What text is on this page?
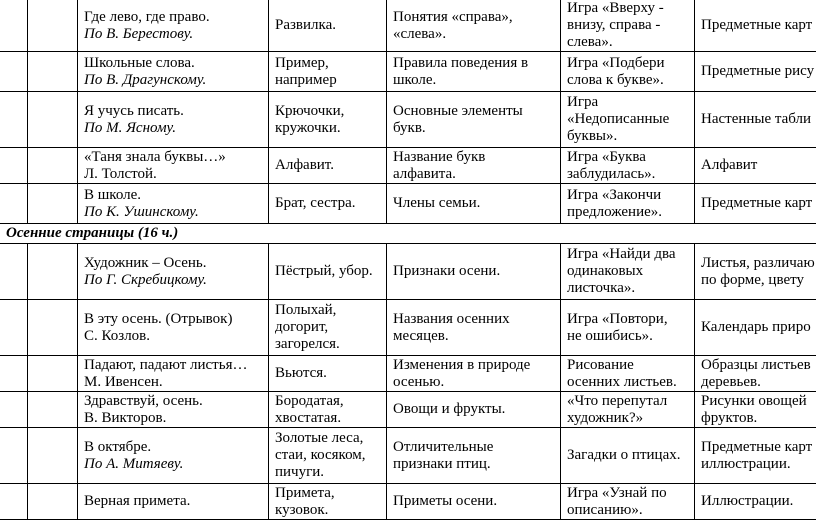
		Где лево, где право.
По В. Берестову.	Развилка.	Понятия «справа»,
«слева».	Игра «Вверху -
внизу, справа -
слева».	Предметные карт

		Школьные слова.
По В. Драгунскому.	Пример,
например	Правила поведения в
школе.	Игра «Подбери
слова к букве».	Предметные рису

		Я учусь писать.
По М. Ясному.	Крючочки,
кружочки.	Основные элементы
букв.	Игра
«Недописанные
буквы».	Настенные табли

		«Таня знала буквы…»
Л. Толстой.	Алфавит.	Название букв
алфавита.	Игра «Буква
заблудилась».	Алфавит

		В школе.
По К. Ушинскому.	Брат, сестра.	Члены семьи.	Игра «Закончи
предложение».	Предметные карт

Осенние страницы (16 ч.)						

		Художник – Осень.
По Г. Скребицкому.	Пёстрый, убор.	Признаки осени.	Игра «Найди два
одинаковых
листочка».	Листья, различаю
по форме, цвету

		В эту осень. (Отрывок)
С. Козлов.	Полыхай,
догорит,
загорелся.	Названия осенних
месяцев.	Игра «Повтори,
не ошибись».	Календарь приро

		Падают, падают листья…
М. Ивенсен.	Вьются.	Изменения в природе
осенью.	Рисование
осенних листьев.	Образцы листьев
деревьев.

		Здравствуй, осень.
В. Викторов.	Бородатая,
хвостатая.	Овощи и фрукты.	«Что перепутал
художник?»	Рисунки овощей
фруктов.

		В октябре.
По А. Митяеву.	Золотые леса,
стаи, косяком,
пичуги.	Отличительные
признаки птиц.	Загадки о птицах.	Предметные карт
иллюстрации.

		Верная примета.	Примета,
кузовок.	Приметы осени.	Игра «Узнай по
описанию».	Иллюстрации.
